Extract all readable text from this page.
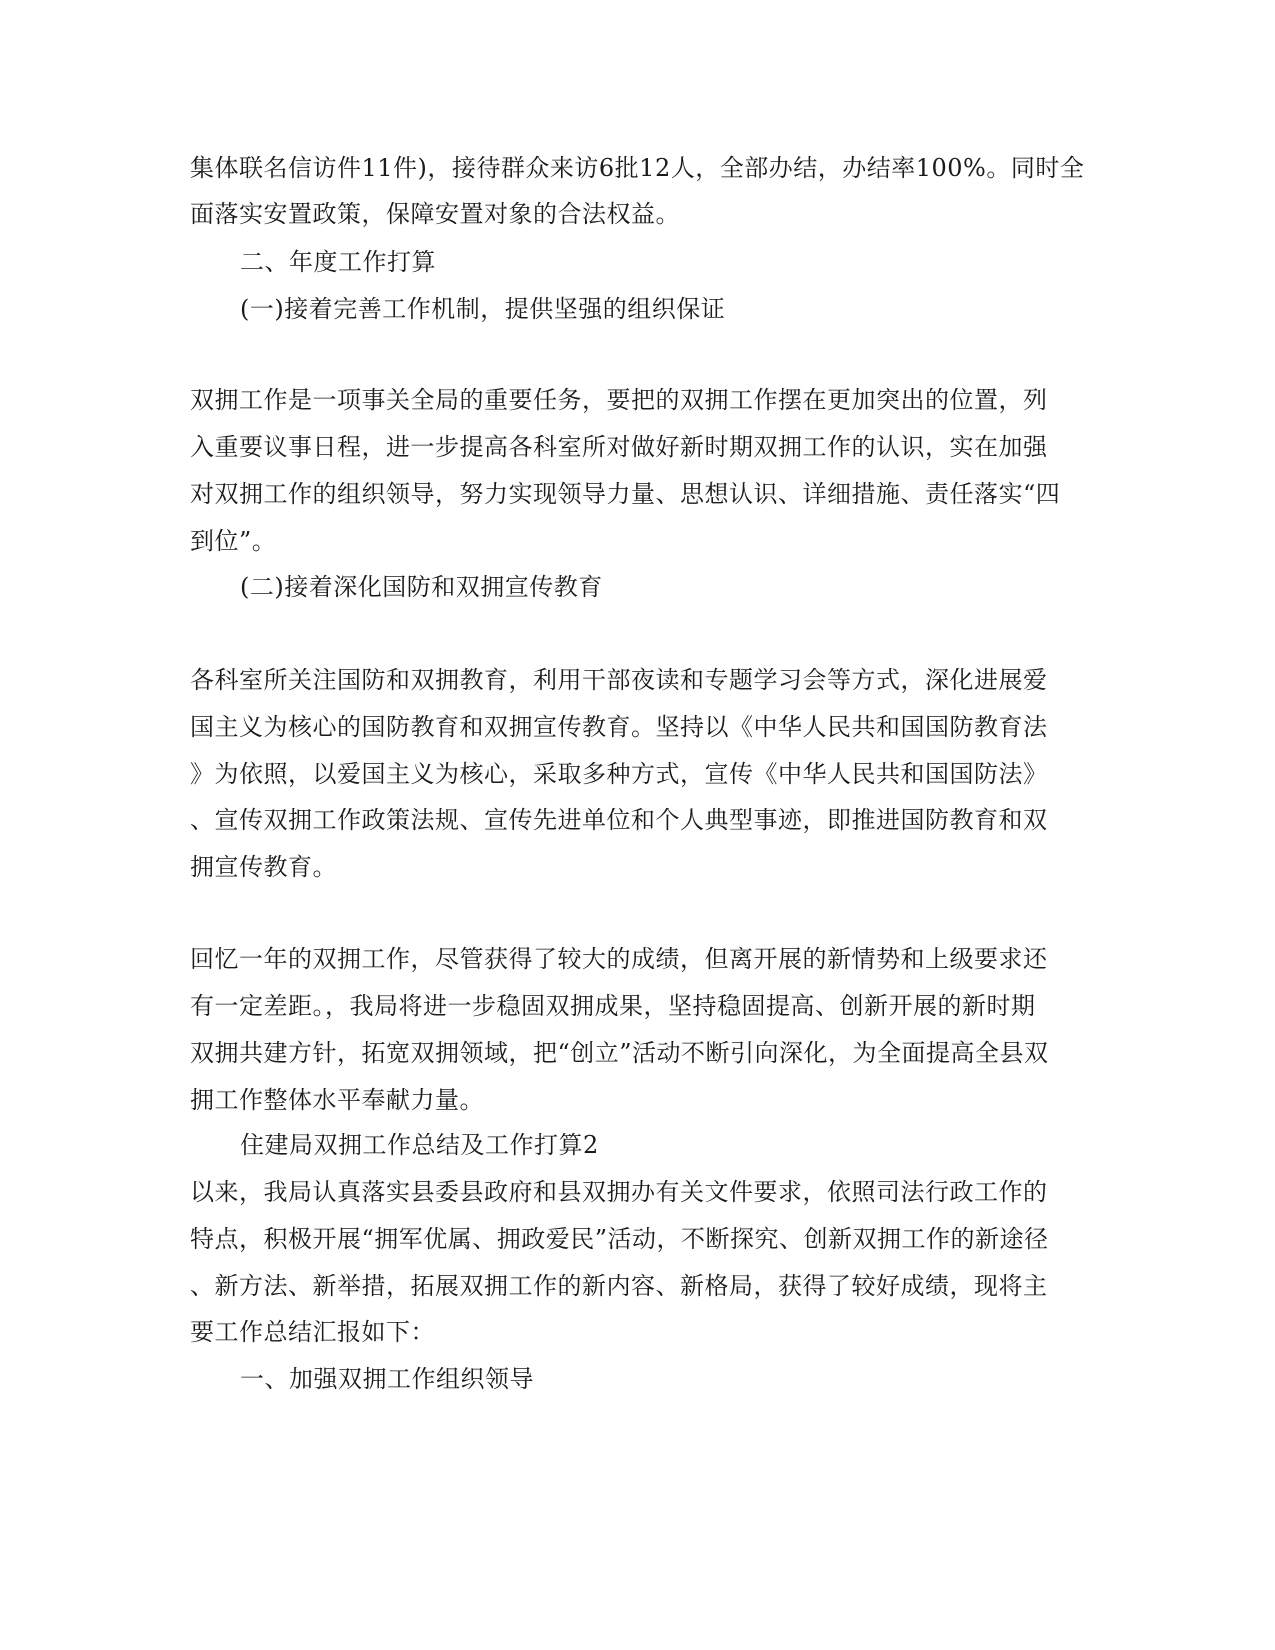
集体联名信访件11件)，接待群众来访6批12人，全部办结，办结率100%。同时全
面落实安置政策，保障安置对象的合法权益。
二、年度工作打算
(一)接着完善工作机制，提供坚强的组织保证
双拥工作是一项事关全局的重要任务，要把的双拥工作摆在更加突出的位置，列
入重要议事日程，进一步提高各科室所对做好新时期双拥工作的认识，实在加强
对双拥工作的组织领导，努力实现领导力量、思想认识、详细措施、责任落实“四
到位”。
(二)接着深化国防和双拥宣传教育
各科室所关注国防和双拥教育，利用干部夜读和专题学习会等方式，深化进展爱
国主义为核心的国防教育和双拥宣传教育。坚持以《中华人民共和国国防教育法
》为依照，以爱国主义为核心，采取多种方式，宣传《中华人民共和国国防法》
、宣传双拥工作政策法规、宣传先进单位和个人典型事迹，即推进国防教育和双
拥宣传教育。
回忆一年的双拥工作，尽管获得了较大的成绩，但离开展的新情势和上级要求还
有一定差距。，我局将进一步稳固双拥成果，坚持稳固提高、创新开展的新时期
双拥共建方针，拓宽双拥领域，把“创立”活动不断引向深化，为全面提高全县双
拥工作整体水平奉献力量。
住建局双拥工作总结及工作打算2
以来，我局认真落实县委县政府和县双拥办有关文件要求，依照司法行政工作的
特点，积极开展“拥军优属、拥政爱民”活动，不断探究、创新双拥工作的新途径
、新方法、新举措，拓展双拥工作的新内容、新格局，获得了较好成绩，现将主
要工作总结汇报如下：
一、加强双拥工作组织领导
